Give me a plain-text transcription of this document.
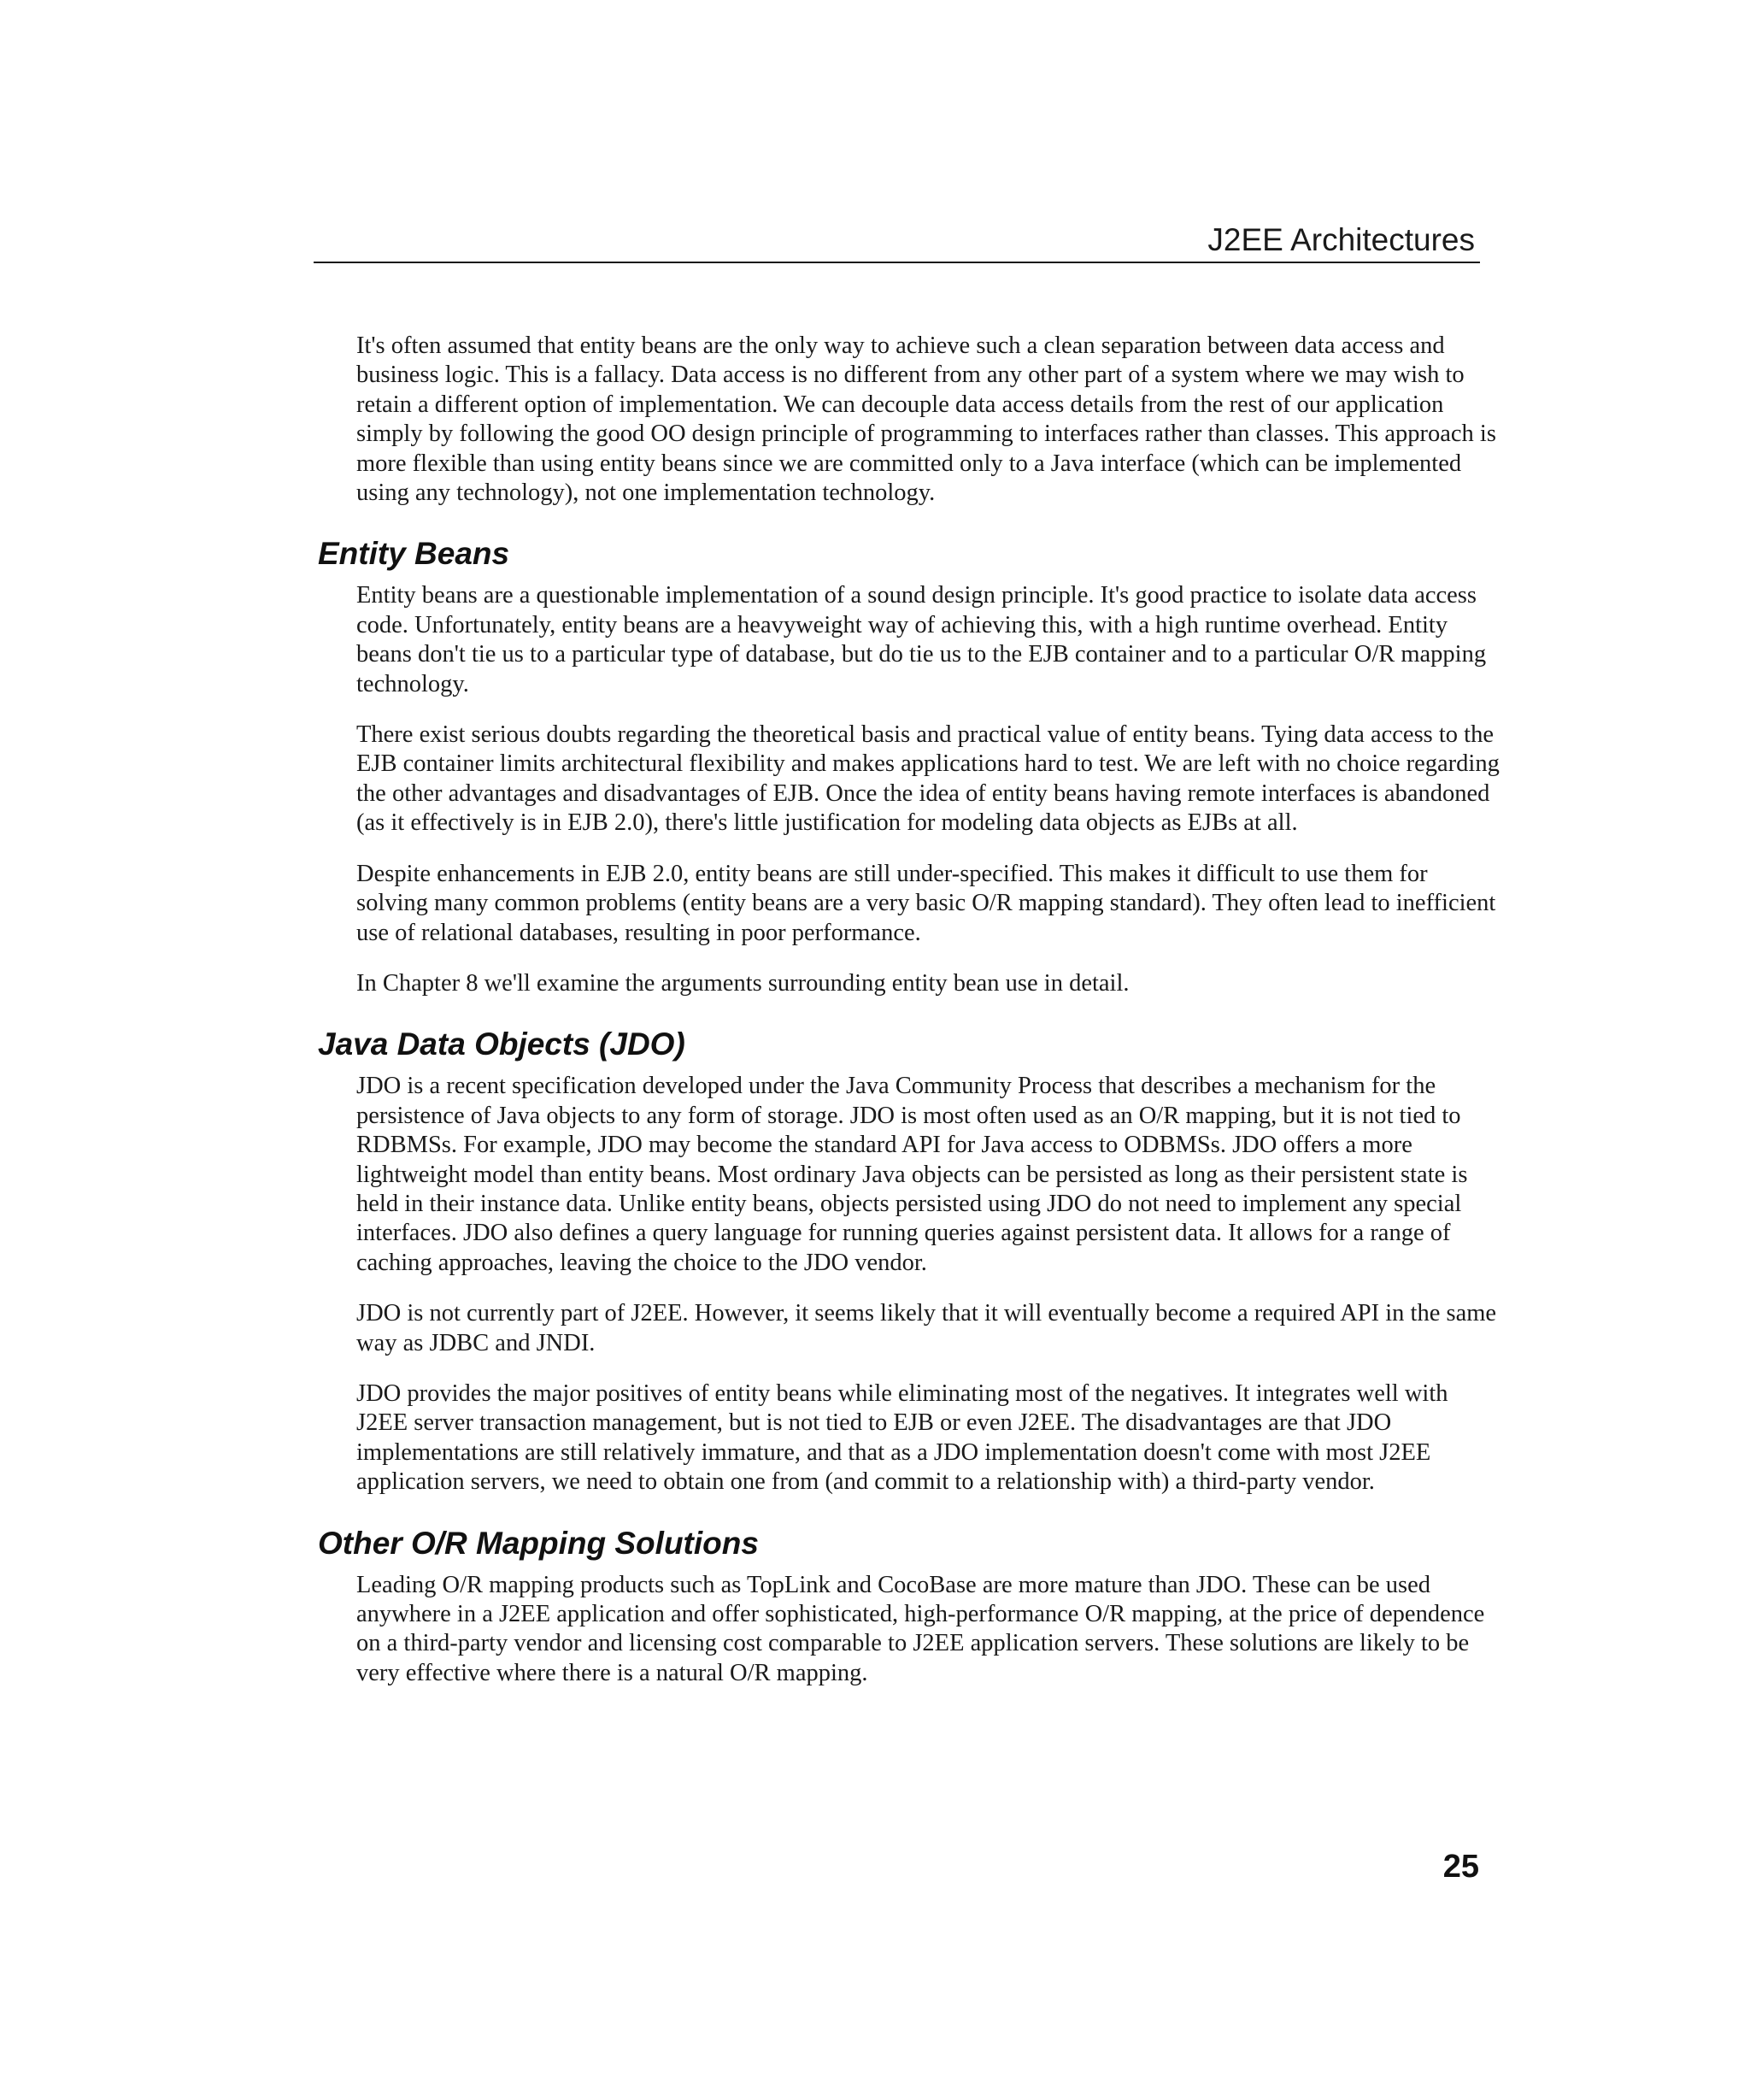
J2EE Architectures

It's often assumed that entity beans are the only way to achieve such a clean separation between data access and business logic. This is a fallacy. Data access is no different from any other part of a system where we may wish to retain a different option of implementation. We can decouple data access details from the rest of our application simply by following the good OO design principle of programming to interfaces rather than classes. This approach is more flexible than using entity beans since we are committed only to a Java interface (which can be implemented using any technology), not one implementation technology.

Entity Beans

Entity beans are a questionable implementation of a sound design principle. It's good practice to isolate data access code. Unfortunately, entity beans are a heavyweight way of achieving this, with a high runtime overhead. Entity beans don't tie us to a particular type of database, but do tie us to the EJB container and to a particular O/R mapping technology.

There exist serious doubts regarding the theoretical basis and practical value of entity beans. Tying data access to the EJB container limits architectural flexibility and makes applications hard to test. We are left with no choice regarding the other advantages and disadvantages of EJB. Once the idea of entity beans having remote interfaces is abandoned (as it effectively is in EJB 2.0), there's little justification for modeling data objects as EJBs at all.

Despite enhancements in EJB 2.0, entity beans are still under-specified. This makes it difficult to use them for solving many common problems (entity beans are a very basic O/R mapping standard). They often lead to inefficient use of relational databases, resulting in poor performance.

In Chapter 8 we'll examine the arguments surrounding entity bean use in detail.

Java Data Objects (JDO)

JDO is a recent specification developed under the Java Community Process that describes a mechanism for the persistence of Java objects to any form of storage. JDO is most often used as an O/R mapping, but it is not tied to RDBMSs. For example, JDO may become the standard API for Java access to ODBMSs. JDO offers a more lightweight model than entity beans. Most ordinary Java objects can be persisted as long as their persistent state is held in their instance data. Unlike entity beans, objects persisted using JDO do not need to implement any special interfaces. JDO also defines a query language for running queries against persistent data. It allows for a range of caching approaches, leaving the choice to the JDO vendor.

JDO is not currently part of J2EE. However, it seems likely that it will eventually become a required API in the same way as JDBC and JNDI.

JDO provides the major positives of entity beans while eliminating most of the negatives. It integrates well with J2EE server transaction management, but is not tied to EJB or even J2EE. The disadvantages are that JDO implementations are still relatively immature, and that as a JDO implementation doesn't come with most J2EE application servers, we need to obtain one from (and commit to a relationship with) a third-party vendor.

Other O/R Mapping Solutions

Leading O/R mapping products such as TopLink and CocoBase are more mature than JDO. These can be used anywhere in a J2EE application and offer sophisticated, high-performance O/R mapping, at the price of dependence on a third-party vendor and licensing cost comparable to J2EE application servers. These solutions are likely to be very effective where there is a natural O/R mapping.

25
